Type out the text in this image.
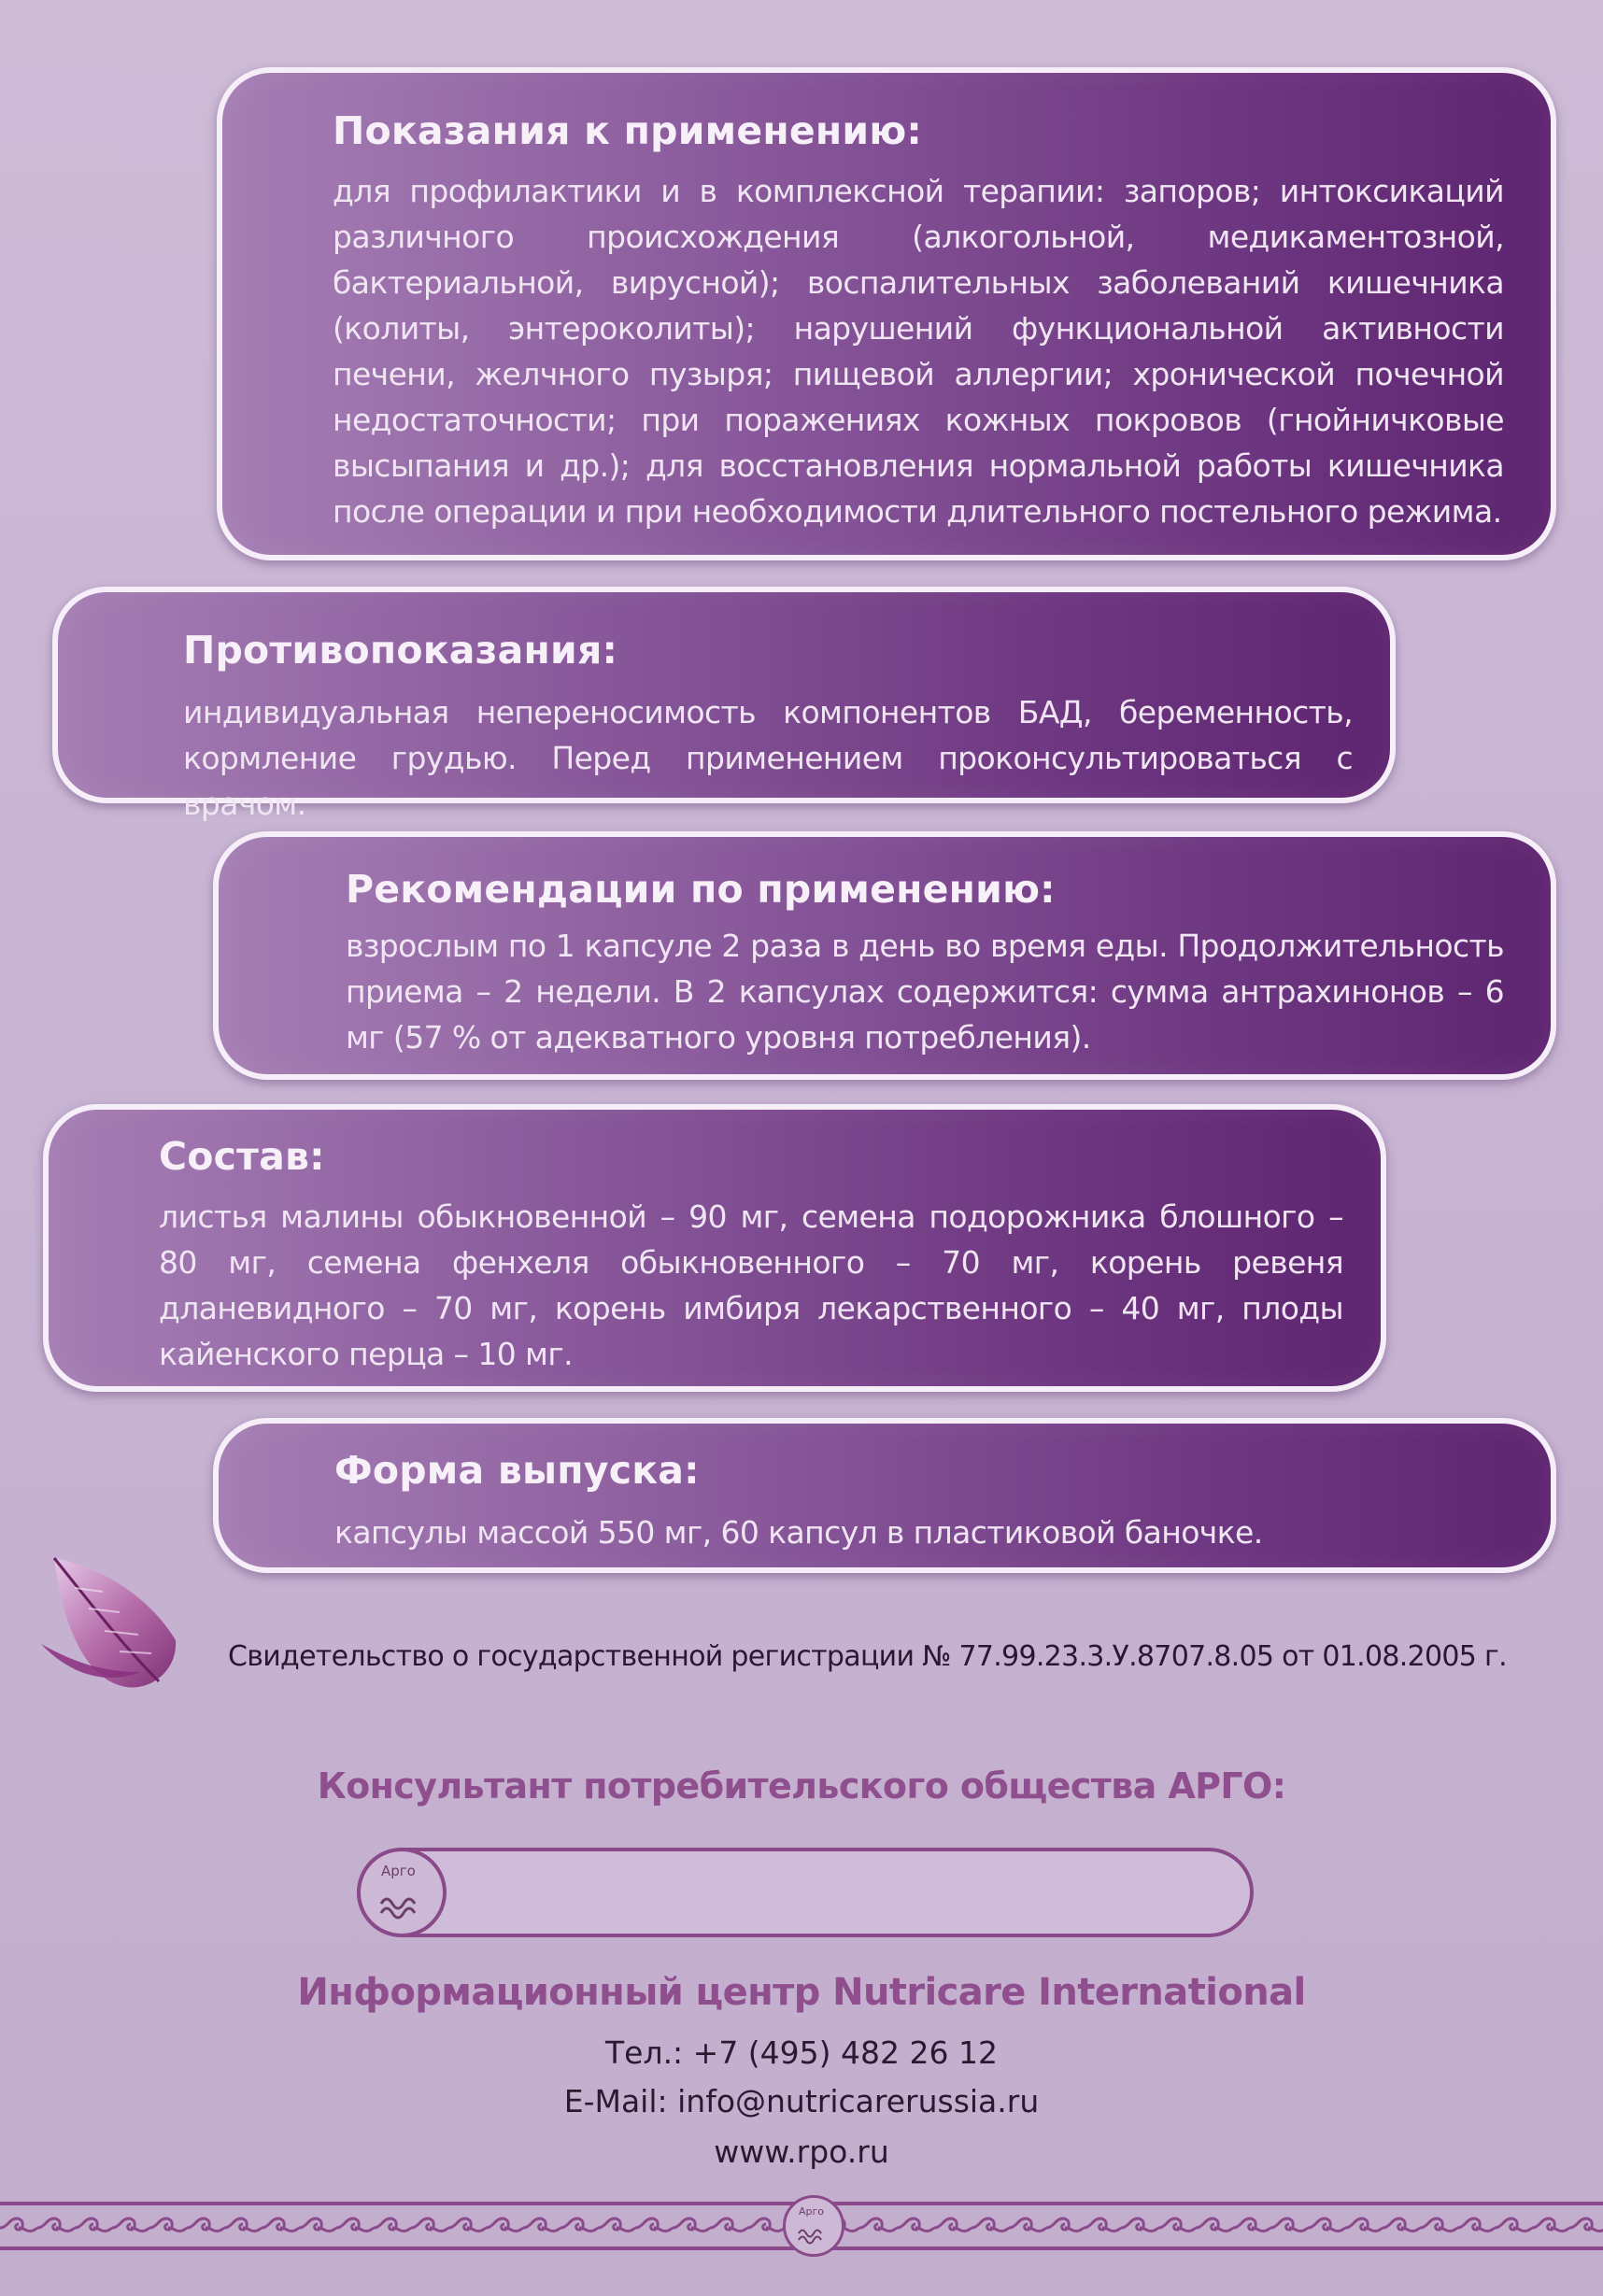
Показания к применению:

для профилактики и в комплексной терапии: запоров; интоксикаций различного происхождения (алкогольной, медикаментозной, бактериальной, вирусной); воспалительных заболеваний кишечника (колиты, энтероколиты); нарушений функциональной активности печени, желчного пузыря; пищевой аллергии; хронической почечной недостаточности; при поражениях кожных покровов (гнойничковые высыпания и др.); для восстановления нормальной работы кишечника после операции и при необходимости длительного постельного режима.

Противопоказания:

индивидуальная непереносимость компонентов БАД, беременность, кормление грудью. Перед применением проконсультироваться с врачом.

Рекомендации по применению:

взрослым по 1 капсуле 2 раза в день во время еды. Продолжительность приема – 2 недели. В 2 капсулах содержится: сумма антрахинонов – 6 мг (57 % от адекватного уровня потребления).

Состав:

листья малины обыкновенной – 90 мг, семена подорожника блошного – 80 мг, семена фенхеля обыкновенного – 70 мг, корень ревеня дланевидного – 70 мг, корень имбиря лекарственного – 40 мг, плоды кайенского перца – 10 мг.

Форма выпуска:

капсулы массой 550 мг, 60 капсул в пластиковой баночке.

Свидетельство о государственной регистрации № 77.99.23.3.У.8707.8.05 от 01.08.2005 г.
Консультант потребительского общества АРГО:
Арго
Информационный центр Nutricare International
Тел.: +7 (495) 482 26 12
E-Mail: info@nutricarerussia.ru
www.rpo.ru
Арго
